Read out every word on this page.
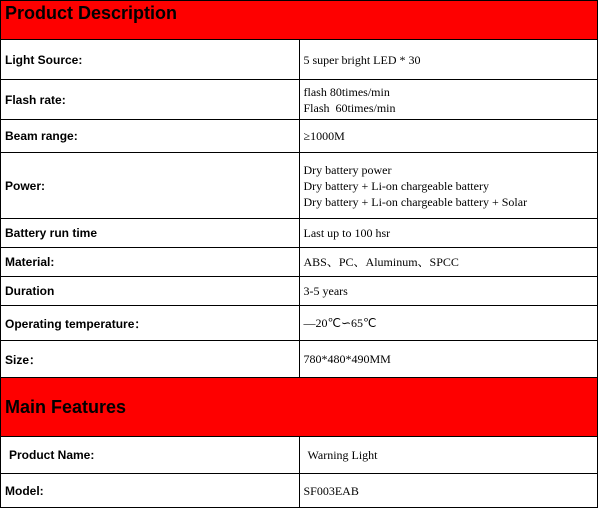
Product Description	
Light Source:	5 super bright LED * 30

Flash rate:	flash 80times/min
Flash  60times/min

Beam range:	≥1000M

Power:	Dry battery power
Dry battery + Li-on chargeable battery
Dry battery + Li-on chargeable battery + Solar

Battery run time	Last up to 100 hsr

Material:	ABS、PC、Aluminum、SPCC

Duration	3-5 years

Operating temperature：	—20℃∽65℃

Size：	780*480*490MM

Main Features	
Product Name:	Warning Light

Model:	SF003EAB
